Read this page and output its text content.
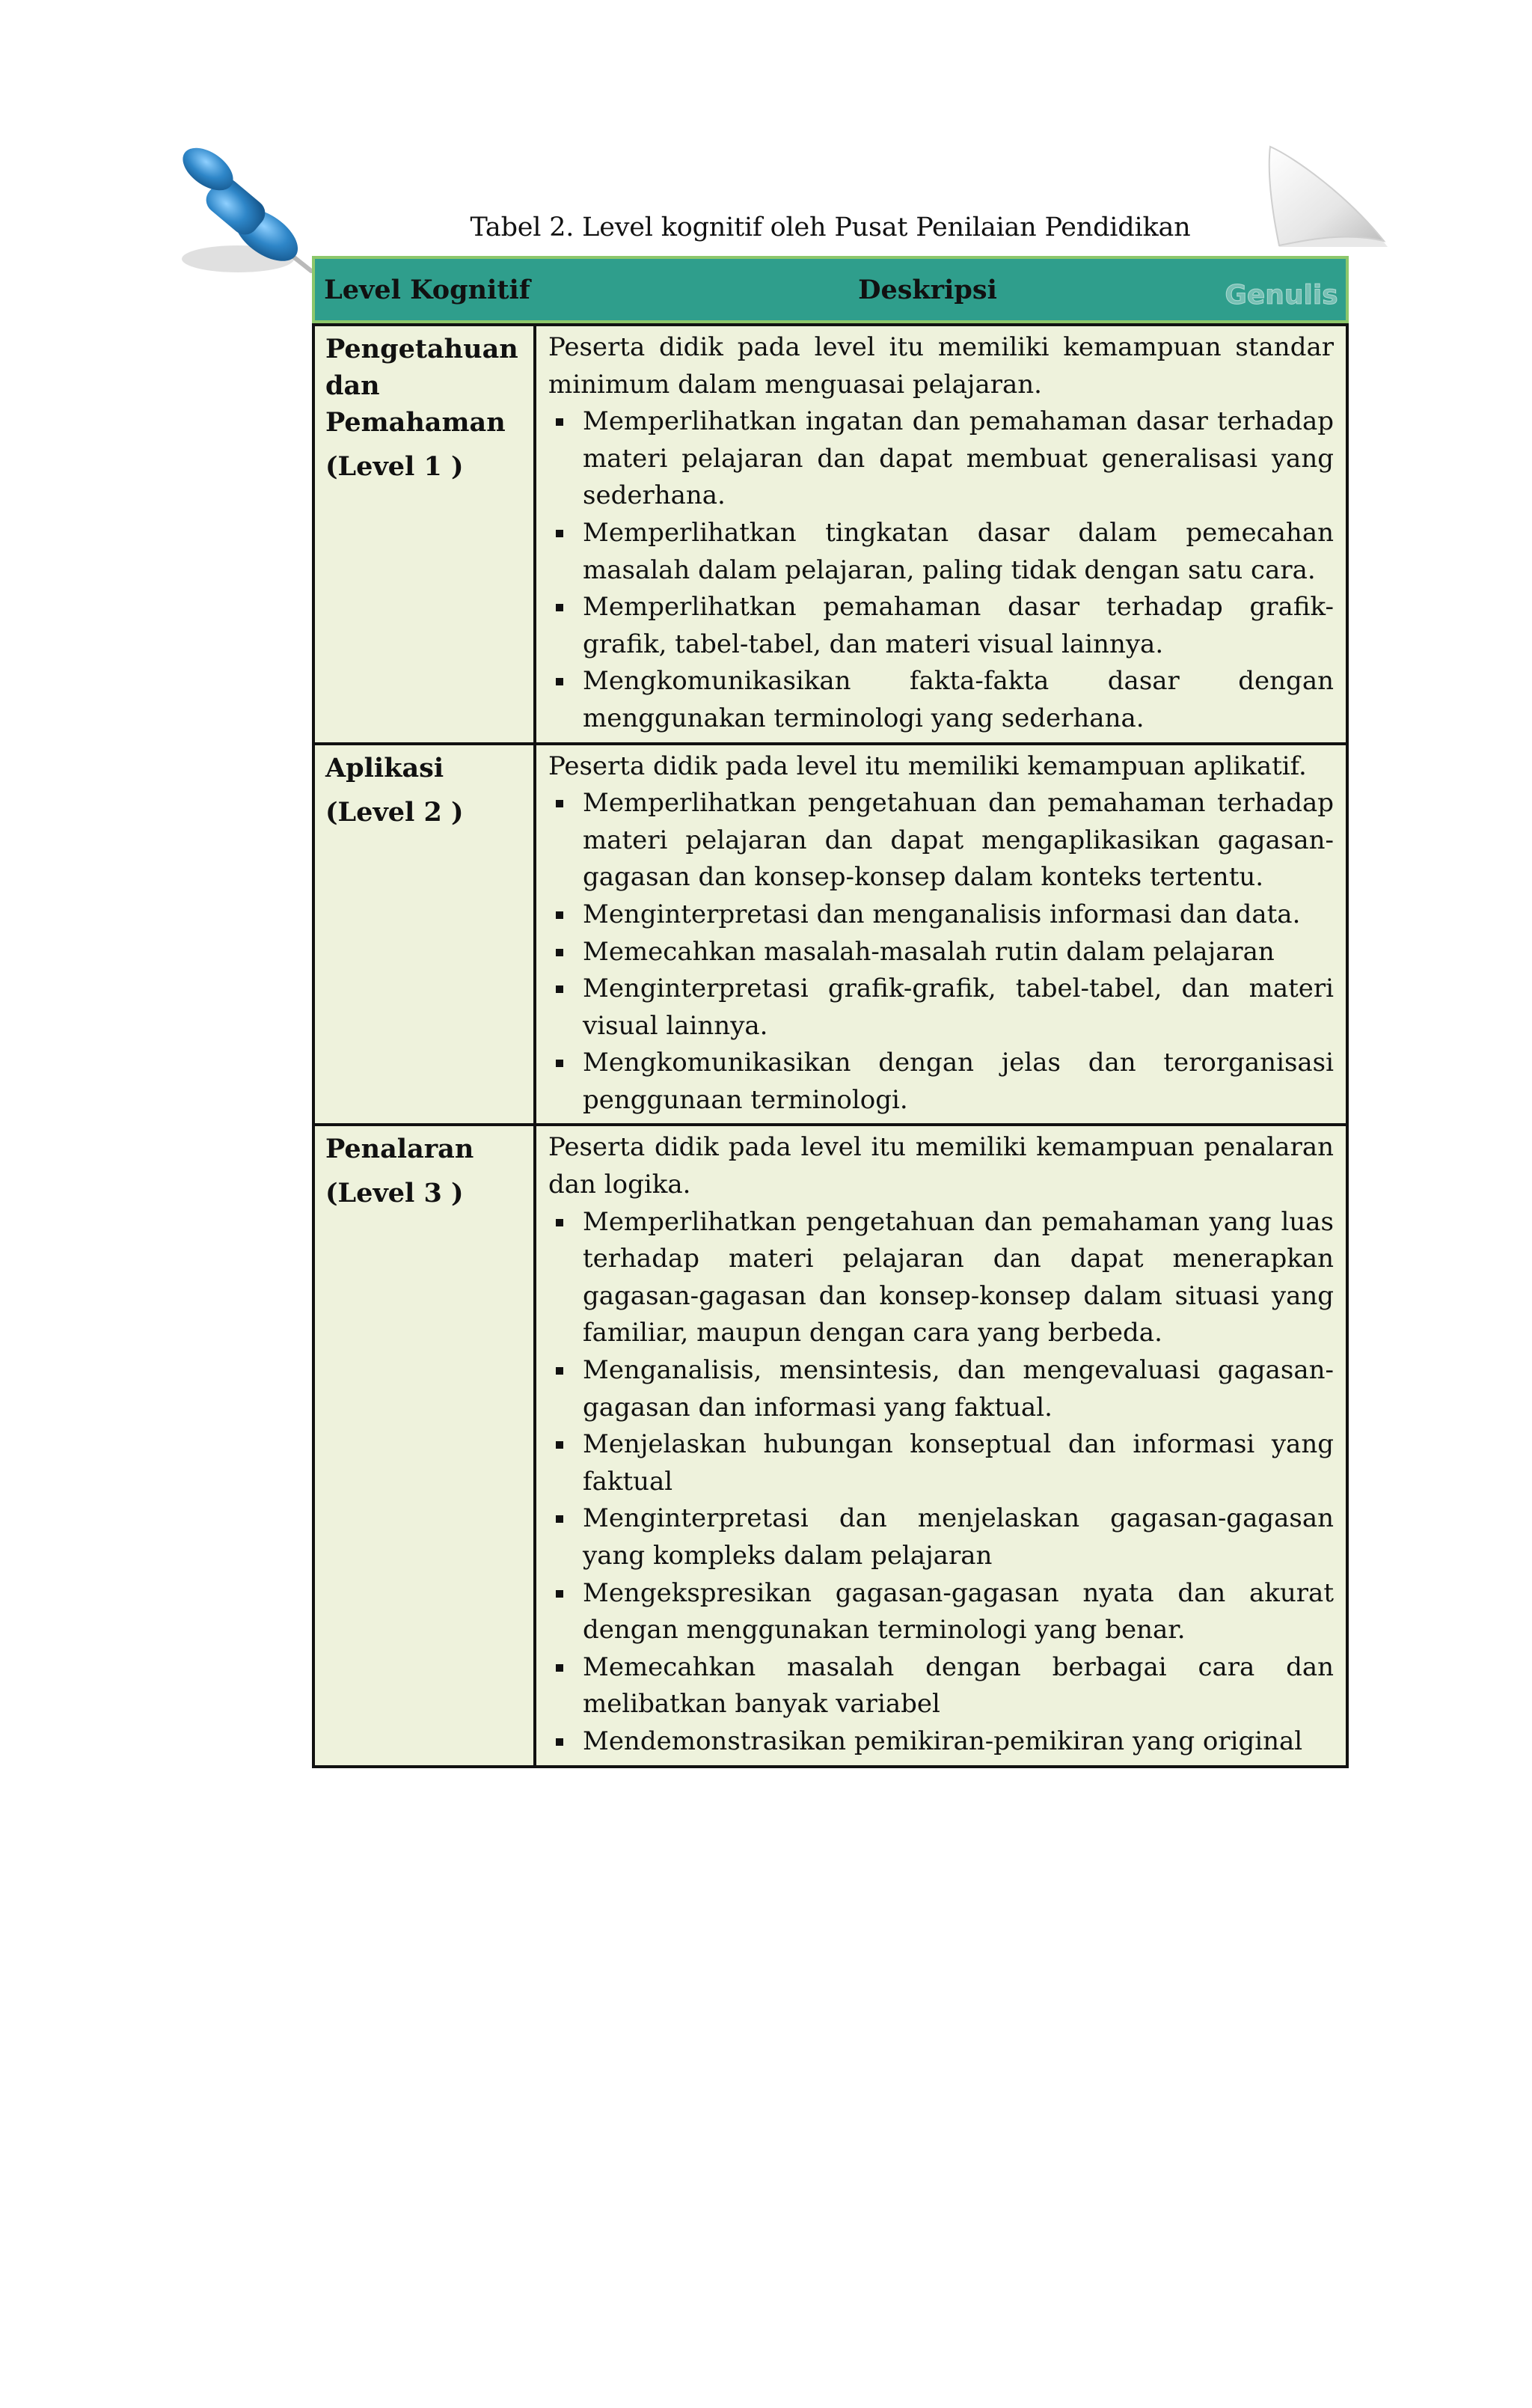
Tabel 2. Level kognitif oleh Pusat Penilaian Pendidikan
Level Kognitif	Deskripsi	Genulis
Pengetahuan dan Pemahaman
(Level 1 )

Peserta didik pada level itu memiliki kemampuan standar minimum dalam menguasai pelajaran.

Memperlihatkan ingatan dan pemahaman dasar terhadap materi pelajaran dan dapat membuat generalisasi yang sederhana.
Memperlihatkan tingkatan dasar dalam pemecahan masalah dalam pelajaran, paling tidak dengan satu cara.
Memperlihatkan pemahaman dasar terhadap grafik-grafik, tabel-tabel, dan materi visual lainnya.
Mengkomunikasikan fakta-fakta dasar dengan menggunakan terminologi yang sederhana.
Aplikasi
(Level 2 )

Peserta didik pada level itu memiliki kemampuan aplikatif.

Memperlihatkan pengetahuan dan pemahaman terhadap materi pelajaran dan dapat mengaplikasikan gagasan-gagasan dan konsep-konsep dalam konteks tertentu.
Menginterpretasi dan menganalisis informasi dan data.
Memecahkan masalah-masalah rutin dalam pelajaran
Menginterpretasi grafik-grafik, tabel-tabel, dan materi visual lainnya.
Mengkomunikasikan dengan jelas dan terorganisasi penggunaan terminologi.
Penalaran
(Level 3 )

Peserta didik pada level itu memiliki kemampuan penalaran dan logika.

Memperlihatkan pengetahuan dan pemahaman yang luas terhadap materi pelajaran dan dapat menerapkan gagasan-gagasan dan konsep-konsep dalam situasi yang familiar, maupun dengan cara yang berbeda.
Menganalisis, mensintesis, dan mengevaluasi gagasan-gagasan dan informasi yang faktual.
Menjelaskan hubungan konseptual dan informasi yang faktual
Menginterpretasi dan menjelaskan gagasan-gagasan yang kompleks dalam pelajaran
Mengekspresikan gagasan-gagasan nyata dan akurat dengan menggunakan terminologi yang benar.
Memecahkan masalah dengan berbagai cara dan melibatkan banyak variabel
Mendemonstrasikan pemikiran-pemikiran yang original
